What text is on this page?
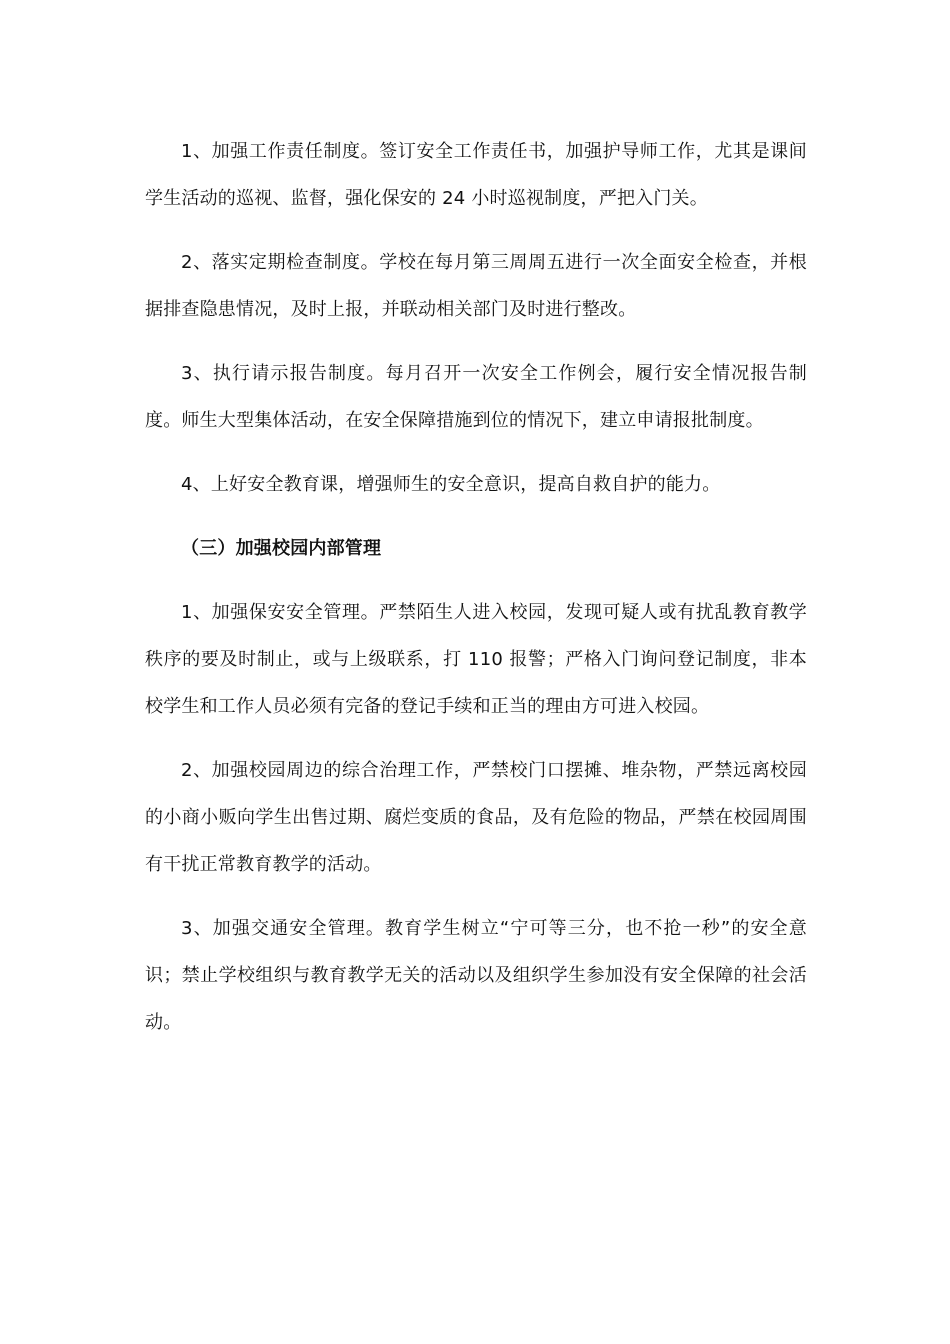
1、加强工作责任制度。签订安全工作责任书，加强护导师工作，尤其是课间学生活动的巡视、监督，强化保安的 24 小时巡视制度，严把入门关。

2、落实定期检查制度。学校在每月第三周周五进行一次全面安全检查，并根据排查隐患情况，及时上报，并联动相关部门及时进行整改。

3、执行请示报告制度。每月召开一次安全工作例会，履行安全情况报告制度。师生大型集体活动，在安全保障措施到位的情况下，建立申请报批制度。

4、上好安全教育课，增强师生的安全意识，提高自救自护的能力。

（三）加强校园内部管理

1、加强保安安全管理。严禁陌生人进入校园，发现可疑人或有扰乱教育教学秩序的要及时制止，或与上级联系，打 110 报警；严格入门询问登记制度，非本校学生和工作人员必须有完备的登记手续和正当的理由方可进入校园。

2、加强校园周边的综合治理工作，严禁校门口摆摊、堆杂物，严禁远离校园的小商小贩向学生出售过期、腐烂变质的食品，及有危险的物品，严禁在校园周围有干扰正常教育教学的活动。

3、加强交通安全管理。教育学生树立“宁可等三分，也不抢一秒”的安全意识；禁止学校组织与教育教学无关的活动以及组织学生参加没有安全保障的社会活动。
